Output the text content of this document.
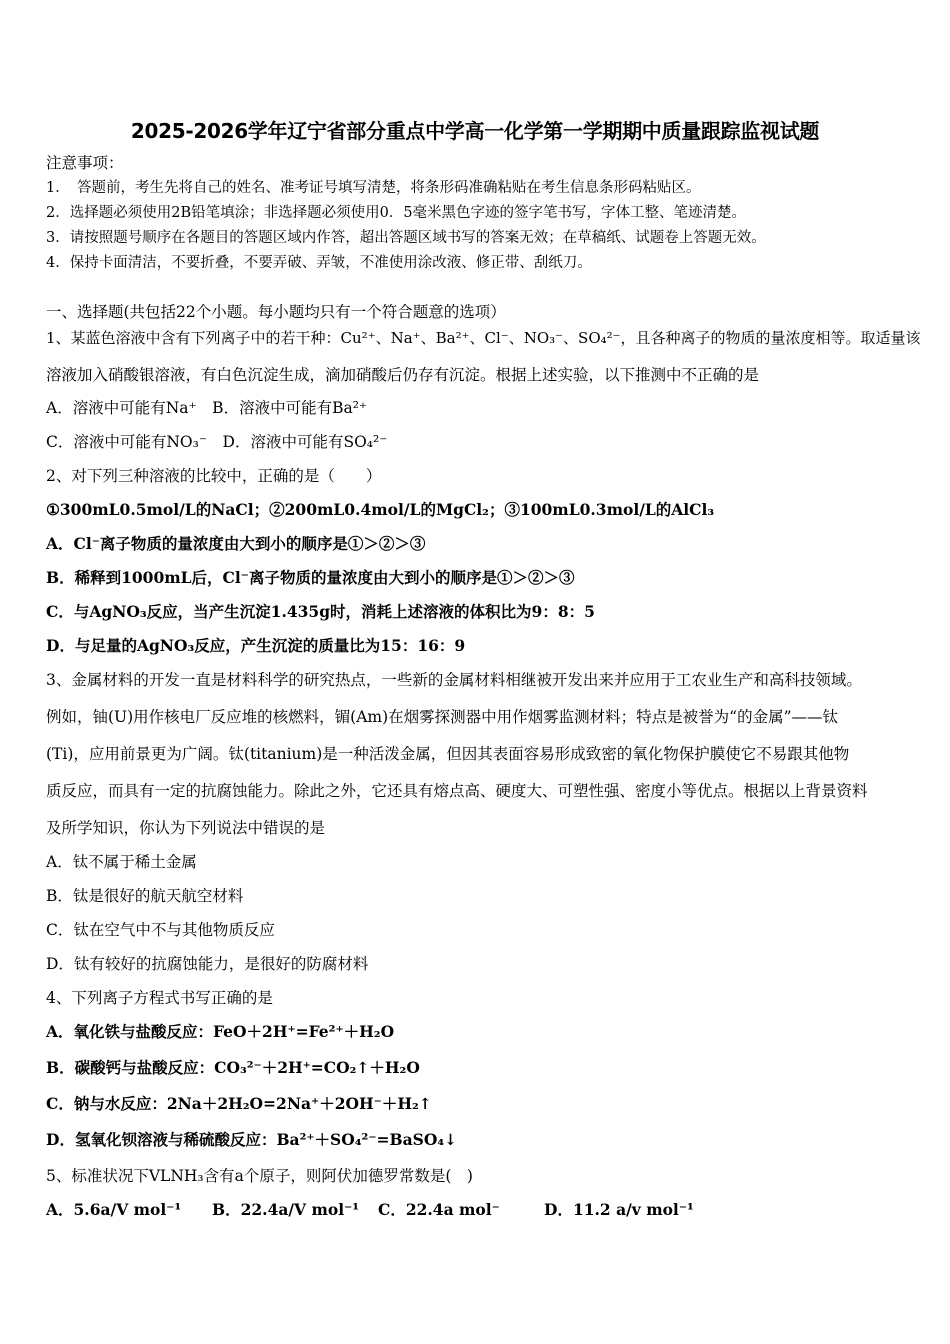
2025-2026学年辽宁省部分重点中学高一化学第一学期期中质量跟踪监视试题
注意事项：
1．　答题前，考生先将自己的姓名、准考证号填写清楚，将条形码准确粘贴在考生信息条形码粘贴区。
2．选择题必须使用2B铅笔填涂；非选择题必须使用0．5毫米黑色字迹的签字笔书写，字体工整、笔迹清楚。
3．请按照题号顺序在各题目的答题区域内作答，超出答题区域书写的答案无效；在草稿纸、试题卷上答题无效。
4．保持卡面清洁，不要折叠，不要弄破、弄皱，不准使用涂改液、修正带、刮纸刀。
一、选择题(共包括22个小题。每小题均只有一个符合题意的选项）
1、某蓝色溶液中含有下列离子中的若干种：Cu²⁺、Na⁺、Ba²⁺、Cl⁻、NO₃⁻、SO₄²⁻，且各种离子的物质的量浓度相等。取适量该
溶液加入硝酸银溶液，有白色沉淀生成，滴加硝酸后仍存有沉淀。根据上述实验，以下推测中不正确的是
A．溶液中可能有Na⁺　B．溶液中可能有Ba²⁺
C．溶液中可能有NO₃⁻　D．溶液中可能有SO₄²⁻
2、对下列三种溶液的比较中，正确的是（　　）
①300mL0.5mol/L的NaCl；②200mL0.4mol/L的MgCl₂；③100mL0.3mol/L的AlCl₃
A．Cl⁻离子物质的量浓度由大到小的顺序是①＞②＞③
B．稀释到1000mL后，Cl⁻离子物质的量浓度由大到小的顺序是①＞②＞③
C．与AgNO₃反应，当产生沉淀1.435g时，消耗上述溶液的体积比为9：8：5
D．与足量的AgNO₃反应，产生沉淀的质量比为15：16：9
3、金属材料的开发一直是材料科学的研究热点，一些新的金属材料相继被开发出来并应用于工农业生产和高科技领域。
例如，铀(U)用作核电厂反应堆的核燃料，镅(Am)在烟雾探测器中用作烟雾监测材料；特点是被誉为“的金属”——钛
(Ti)，应用前景更为广阔。钛(titanium)是一种活泼金属，但因其表面容易形成致密的氧化物保护膜使它不易跟其他物
质反应，而具有一定的抗腐蚀能力。除此之外，它还具有熔点高、硬度大、可塑性强、密度小等优点。根据以上背景资料
及所学知识，你认为下列说法中错误的是
A．钛不属于稀土金属
B．钛是很好的航天航空材料
C．钛在空气中不与其他物质反应
D．钛有较好的抗腐蚀能力，是很好的防腐材料
4、下列离子方程式书写正确的是
A．氧化铁与盐酸反应：FeO＋2H⁺=Fe²⁺＋H₂O
B．碳酸钙与盐酸反应：CO₃²⁻＋2H⁺=CO₂↑＋H₂O
C．钠与水反应：2Na＋2H₂O=2Na⁺＋2OH⁻＋H₂↑
D．氢氧化钡溶液与稀硫酸反应：Ba²⁺＋SO₄²⁻=BaSO₄↓
5、标准状况下VLNH₃含有a个原子，则阿伏加德罗常数是(　)
A．5.6a/V mol⁻¹ B．22.4a/V mol⁻¹ C．22.4a mol⁻	D．11.2 a/v mol⁻¹
